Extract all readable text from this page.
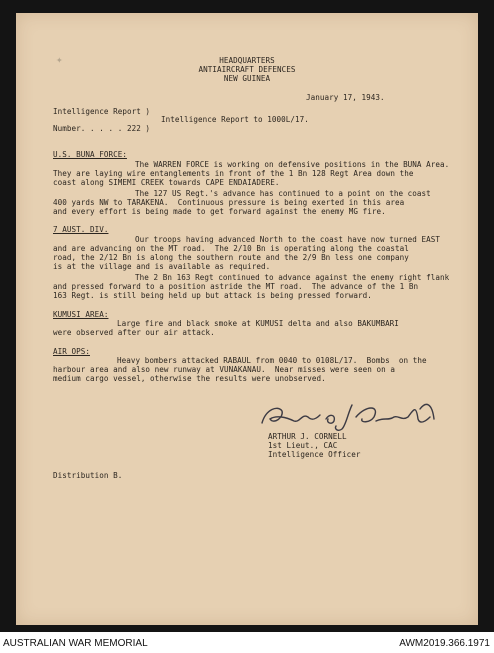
✦	HEADQUARTERS
ANTIAIRCRAFT DEFENCES
NEW GUINEA
January 17, 1943.
Intelligence Report )
Number. . . . . 222 )
Intelligence Report to 1000L/17.
U.S. BUNA FORCE:
The WARREN FORCE is working on defensive positions in the BUNA Area.
They are laying wire entanglements in front of the 1 Bn 128 Regt Area down the
coast along SIMEMI CREEK towards CAPE ENDAIADERE.
The 127 US Regt.'s advance has continued to a point on the coast
400 yards NW to TARAKENA.  Continuous pressure is being exerted in this area
and every effort is being made to get forward against the enemy MG fire.
7 AUST. DIV.
Our troops having advanced North to the coast have now turned EAST
and are advancing on the MT road.  The 2/10 Bn is operating along the coastal
road, the 2/12 Bn is along the southern route and the 2/9 Bn less one company
is at the village and is available as required.
The 2 Bn 163 Regt continued to advance against the enemy right flank
and pressed forward to a position astride the MT road.  The advance of the 1 Bn
163 Regt. is still being held up but attack is being pressed forward.
KUMUSI AREA:
Large fire and black smoke at KUMUSI delta and also BAKUMBARI
were observed after our air attack.
AIR OPS:
Heavy bombers attacked RABAUL from 0040 to 0108L/17.  Bombs  on the
harbour area and also new runway at VUNAKANAU.  Near misses were seen on a
medium cargo vessel, otherwise the results were unobserved.
ARTHUR J. CORNELL
1st Lieut., CAC
Intelligence Officer
Distribution B.
AUSTRALIAN WAR MEMORIAL	AWM2019.366.1971
